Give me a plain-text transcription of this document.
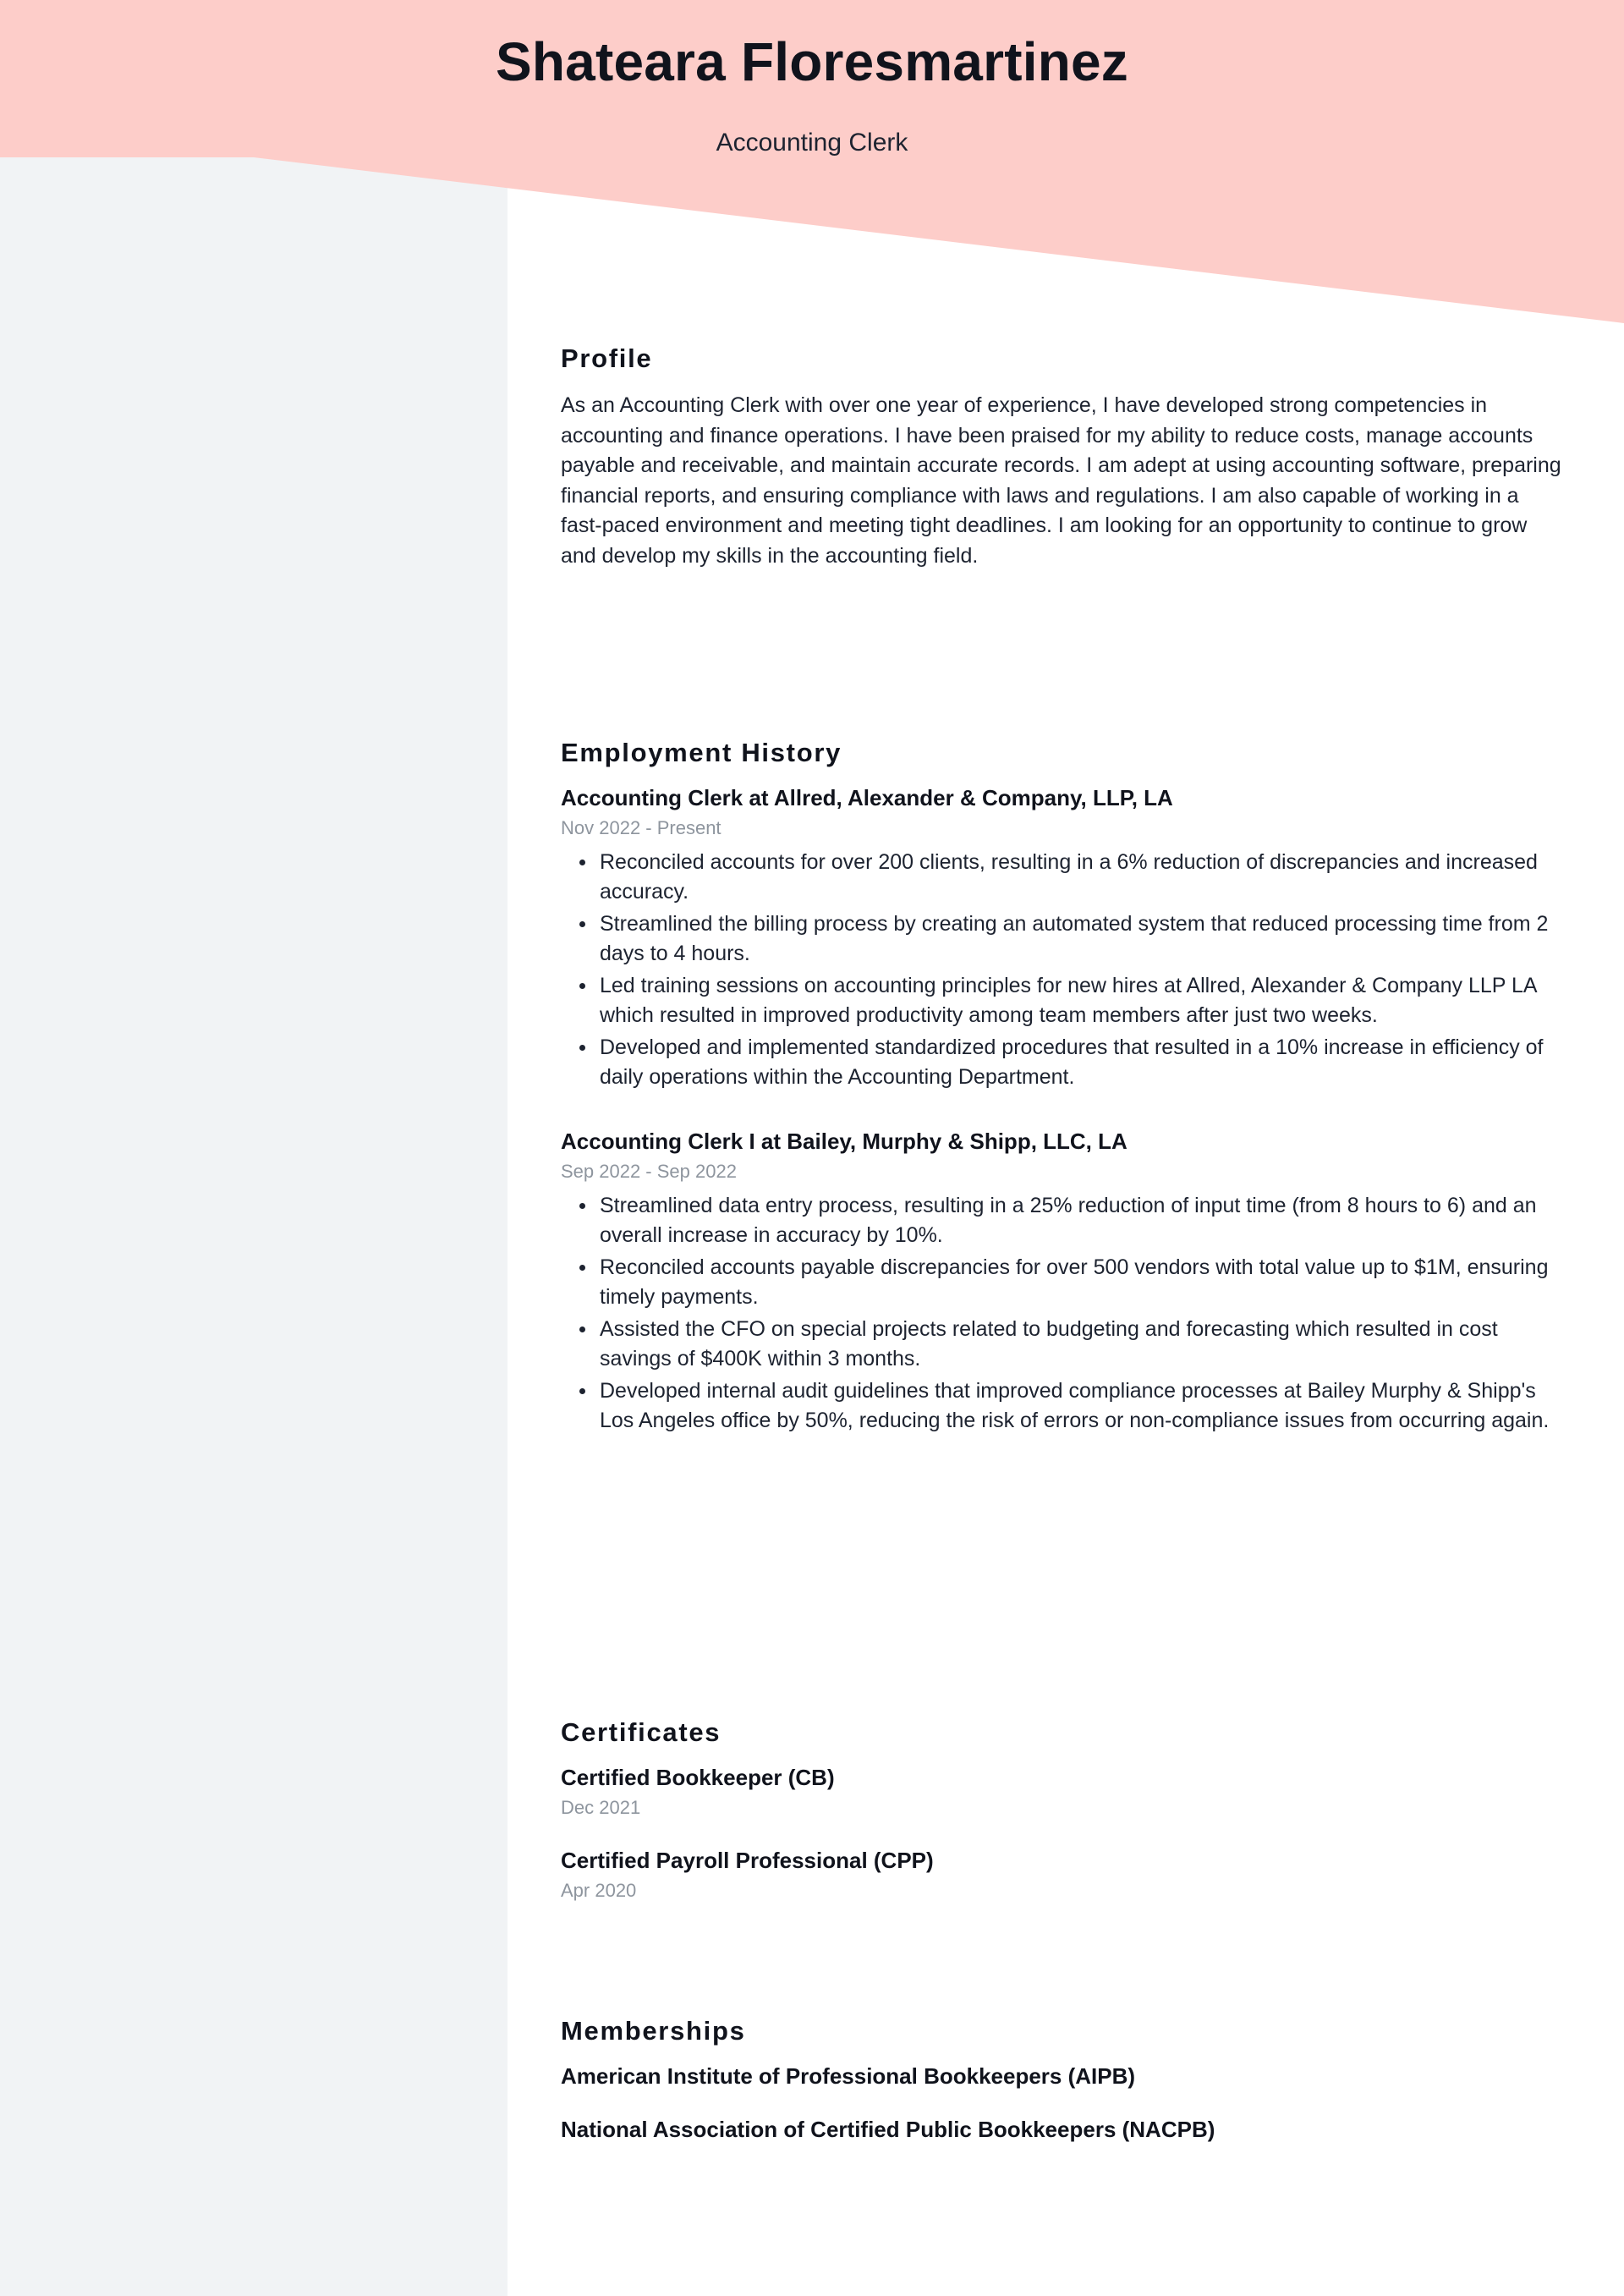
Shateara Floresmartinez
Accounting Clerk
Profile
As an Accounting Clerk with over one year of experience, I have developed strong competencies in accounting and finance operations. I have been praised for my ability to reduce costs, manage accounts payable and receivable, and maintain accurate records. I am adept at using accounting software, preparing financial reports, and ensuring compliance with laws and regulations. I am also capable of working in a fast-paced environment and meeting tight deadlines. I am looking for an opportunity to continue to grow and develop my skills in the accounting field.
Employment History
Accounting Clerk at Allred, Alexander & Company, LLP, LA
Nov 2022 - Present
Reconciled accounts for over 200 clients, resulting in a 6% reduction of discrepancies and increased accuracy.
Streamlined the billing process by creating an automated system that reduced processing time from 2 days to 4 hours.
Led training sessions on accounting principles for new hires at Allred, Alexander & Company LLP LA which resulted in improved productivity among team members after just two weeks.
Developed and implemented standardized procedures that resulted in a 10% increase in efficiency of daily operations within the Accounting Department.
Accounting Clerk I at Bailey, Murphy & Shipp, LLC, LA
Sep 2022 - Sep 2022
Streamlined data entry process, resulting in a 25% reduction of input time (from 8 hours to 6) and an overall increase in accuracy by 10%.
Reconciled accounts payable discrepancies for over 500 vendors with total value up to $1M, ensuring timely payments.
Assisted the CFO on special projects related to budgeting and forecasting which resulted in cost savings of $400K within 3 months.
Developed internal audit guidelines that improved compliance processes at Bailey Murphy & Shipp's Los Angeles office by 50%, reducing the risk of errors or non-compliance issues from occurring again.
Certificates
Certified Bookkeeper (CB)
Dec 2021
Certified Payroll Professional (CPP)
Apr 2020
Memberships
American Institute of Professional Bookkeepers (AIPB)
National Association of Certified Public Bookkeepers (NACPB)
